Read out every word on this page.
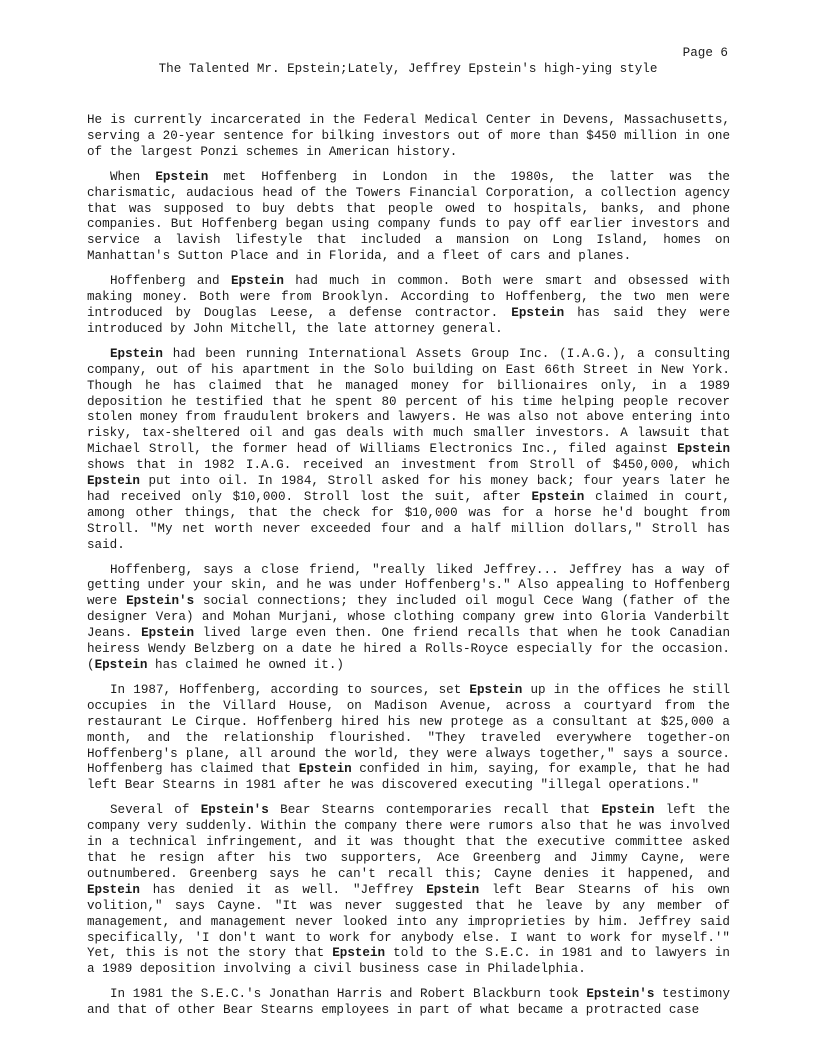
Page 6

The Talented Mr. Epstein;Lately, Jeffrey Epstein's high-ying style

He is currently incarcerated in the Federal Medical Center in Devens, Massachusetts, serving a 20-year sentence for bilking investors out of more than $450 million in one of the largest Ponzi schemes in American history.

When Epstein met Hoffenberg in London in the 1980s, the latter was the charismatic, audacious head of the Towers Financial Corporation, a collection agency that was supposed to buy debts that people owed to hospitals, banks, and phone companies. But Hoffenberg began using company funds to pay off earlier investors and service a lavish lifestyle that included a mansion on Long Island, homes on Manhattan's Sutton Place and in Florida, and a fleet of cars and planes.

Hoffenberg and Epstein had much in common. Both were smart and obsessed with making money. Both were from Brooklyn. According to Hoffenberg, the two men were introduced by Douglas Leese, a defense contractor. Epstein has said they were introduced by John Mitchell, the late attorney general.

Epstein had been running International Assets Group Inc. (I.A.G.), a consulting company, out of his apartment in the Solo building on East 66th Street in New York. Though he has claimed that he managed money for billionaires only, in a 1989 deposition he testified that he spent 80 percent of his time helping people recover stolen money from fraudulent brokers and lawyers. He was also not above entering into risky, tax-sheltered oil and gas deals with much smaller investors. A lawsuit that Michael Stroll, the former head of Williams Electronics Inc., filed against Epstein shows that in 1982 I.A.G. received an investment from Stroll of $450,000, which Epstein put into oil. In 1984, Stroll asked for his money back; four years later he had received only $10,000. Stroll lost the suit, after Epstein claimed in court, among other things, that the check for $10,000 was for a horse he'd bought from Stroll. "My net worth never exceeded four and a half million dollars," Stroll has said.

Hoffenberg, says a close friend, "really liked Jeffrey... Jeffrey has a way of getting under your skin, and he was under Hoffenberg's." Also appealing to Hoffenberg were Epstein's social connections; they included oil mogul Cece Wang (father of the designer Vera) and Mohan Murjani, whose clothing company grew into Gloria Vanderbilt Jeans. Epstein lived large even then. One friend recalls that when he took Canadian heiress Wendy Belzberg on a date he hired a Rolls-Royce especially for the occasion. (Epstein has claimed he owned it.)

In 1987, Hoffenberg, according to sources, set Epstein up in the offices he still occupies in the Villard House, on Madison Avenue, across a courtyard from the restaurant Le Cirque. Hoffenberg hired his new protege as a consultant at $25,000 a month, and the relationship flourished. "They traveled everywhere together-on Hoffenberg's plane, all around the world, they were always together," says a source. Hoffenberg has claimed that Epstein confided in him, saying, for example, that he had left Bear Stearns in 1981 after he was discovered executing "illegal operations."

Several of Epstein's Bear Stearns contemporaries recall that Epstein left the company very suddenly. Within the company there were rumors also that he was involved in a technical infringement, and it was thought that the executive committee asked that he resign after his two supporters, Ace Greenberg and Jimmy Cayne, were outnumbered. Greenberg says he can't recall this; Cayne denies it happened, and Epstein has denied it as well. "Jeffrey Epstein left Bear Stearns of his own volition," says Cayne. "It was never suggested that he leave by any member of management, and management never looked into any improprieties by him. Jeffrey said specifically, 'I don't want to work for anybody else. I want to work for myself.'" Yet, this is not the story that Epstein told to the S.E.C. in 1981 and to lawyers in a 1989 deposition involving a civil business case in Philadelphia.

In 1981 the S.E.C.'s Jonathan Harris and Robert Blackburn took Epstein's testimony and that of other Bear Stearns employees in part of what became a protracted case
